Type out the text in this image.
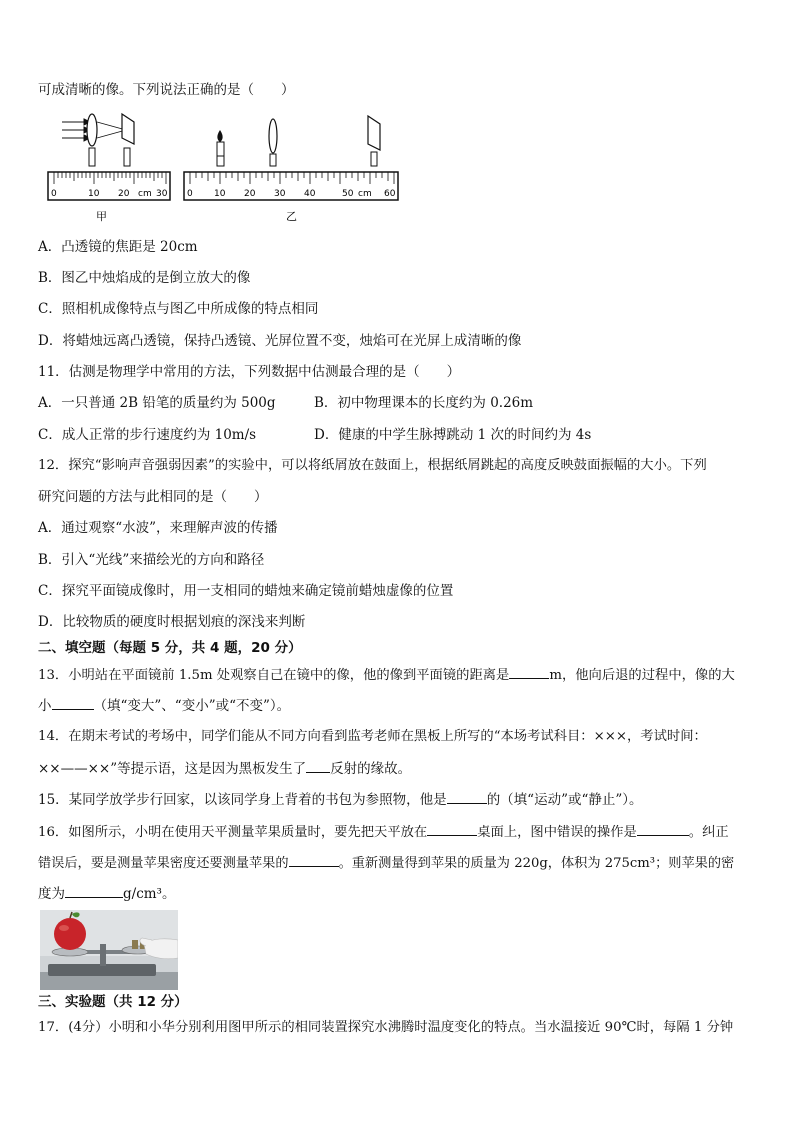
可成清晰的像。下列说法正确的是（　　）
0	10 20 cm 30
甲
0 10 20 30 40	50 cm 60
乙
A．凸透镜的焦距是 20cm
B．图乙中烛焰成的是倒立放大的像
C．照相机成像特点与图乙中所成像的特点相同
D．将蜡烛远离凸透镜，保持凸透镜、光屏位置不变，烛焰可在光屏上成清晰的像
11．估测是物理学中常用的方法，下列数据中估测最合理的是（　　）
A．一只普通 2B 铅笔的质量约为 500g	B．初中物理课本的长度约为 0.26m
C．成人正常的步行速度约为 10m/s	D．健康的中学生脉搏跳动 1 次的时间约为 4s
12．探究“影响声音强弱因素”的实验中，可以将纸屑放在鼓面上，根据纸屑跳起的高度反映鼓面振幅的大小。下列
研究问题的方法与此相同的是（　　）
A．通过观察“水波”，来理解声波的传播
B．引入“光线”来描绘光的方向和路径
C．探究平面镜成像时，用一支相同的蜡烛来确定镜前蜡烛虚像的位置
D．比较物质的硬度时根据划痕的深浅来判断
二、填空题（每题 5 分，共 4 题，20 分）
13．小明站在平面镜前 1.5m 处观察自己在镜中的像，他的像到平面镜的距离是	m，他向后退的过程中，像的大
小	（填“变大”、“变小”或“不变”）。
14．在期末考试的考场中，同学们能从不同方向看到监考老师在黑板上所写的“本场考试科目：×××，考试时间：
××——××”等提示语，这是因为黑板发生了 反射的缘故。
15．某同学放学步行回家，以该同学身上背着的书包为参照物，他是	的（填“运动”或“静止”）。
16．如图所示，小明在使用天平测量苹果质量时，要先把天平放在	桌面上，图中错误的操作是	。纠正
错误后，要是测量苹果密度还要测量苹果的	。重新测量得到苹果的质量为 220g，体积为 275cm³；则苹果的密
度为	g/cm³。
三、实验题（共 12 分）
17．(4分）小明和小华分别利用图甲所示的相同装置探究水沸腾时温度变化的特点。当水温接近 90℃时，每隔 1 分钟
